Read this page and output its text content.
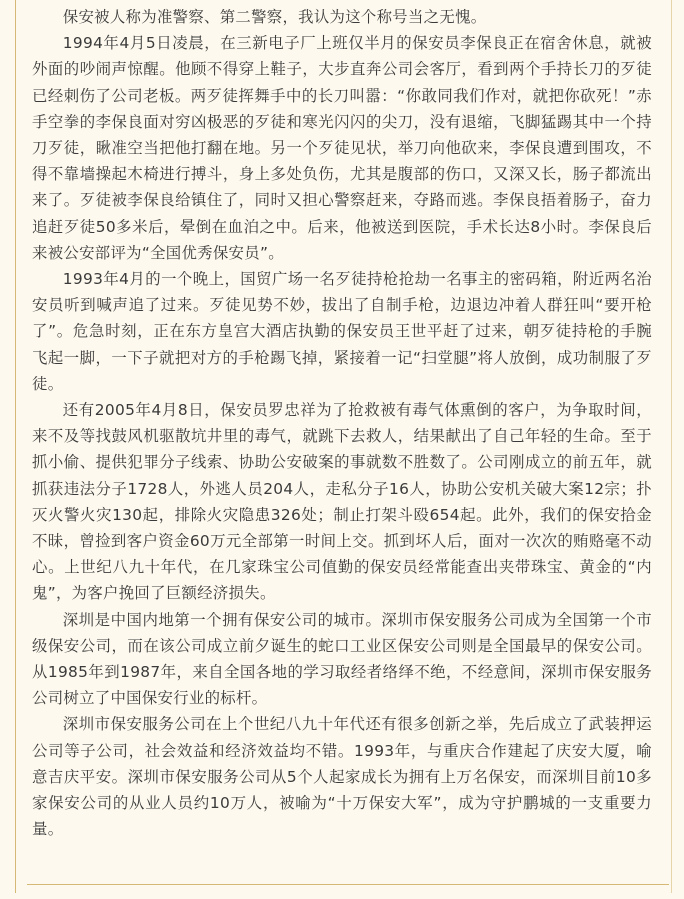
保安被人称为准警察、第二警察，我认为这个称号当之无愧。

1994年4月5日凌晨，在三新电子厂上班仅半月的保安员李保良正在宿舍休息，就被外面的吵闹声惊醒。他顾不得穿上鞋子，大步直奔公司会客厅，看到两个手持长刀的歹徒已经刺伤了公司老板。两歹徒挥舞手中的长刀叫嚣：“你敢同我们作对，就把你砍死！”赤手空拳的李保良面对穷凶极恶的歹徒和寒光闪闪的尖刀，没有退缩，飞脚猛踢其中一个持刀歹徒，瞅准空当把他打翻在地。另一个歹徒见状，举刀向他砍来，李保良遭到围攻，不得不靠墙操起木椅进行搏斗，身上多处负伤，尤其是腹部的伤口，又深又长，肠子都流出来了。歹徒被李保良给镇住了，同时又担心警察赶来，夺路而逃。李保良捂着肠子，奋力追赶歹徒50多米后，晕倒在血泊之中。后来，他被送到医院，手术长达8小时。李保良后来被公安部评为“全国优秀保安员”。

1993年4月的一个晚上，国贸广场一名歹徒持枪抢劫一名事主的密码箱，附近两名治安员听到喊声追了过来。歹徒见势不妙，拔出了自制手枪，边退边冲着人群狂叫“要开枪了”。危急时刻，正在东方皇宫大酒店执勤的保安员王世平赶了过来，朝歹徒持枪的手腕飞起一脚，一下子就把对方的手枪踢飞掉，紧接着一记“扫堂腿”将人放倒，成功制服了歹徒。

还有2005年4月8日，保安员罗忠祥为了抢救被有毒气体熏倒的客户，为争取时间，来不及等找鼓风机驱散坑井里的毒气，就跳下去救人，结果献出了自己年轻的生命。至于抓小偷、提供犯罪分子线索、协助公安破案的事就数不胜数了。公司刚成立的前五年，就抓获违法分子1728人，外逃人员204人，走私分子16人，协助公安机关破大案12宗；扑灭火警火灾130起，排除火灾隐患326处；制止打架斗殴654起。此外，我们的保安拾金不昧，曾捡到客户资金60万元全部第一时间上交。抓到坏人后，面对一次次的贿赂毫不动心。上世纪八九十年代，在几家珠宝公司值勤的保安员经常能查出夹带珠宝、黄金的“内鬼”，为客户挽回了巨额经济损失。

深圳是中国内地第一个拥有保安公司的城市。深圳市保安服务公司成为全国第一个市级保安公司，而在该公司成立前夕诞生的蛇口工业区保安公司则是全国最早的保安公司。从1985年到1987年，来自全国各地的学习取经者络绎不绝，不经意间，深圳市保安服务公司树立了中国保安行业的标杆。

深圳市保安服务公司在上个世纪八九十年代还有很多创新之举，先后成立了武装押运公司等子公司，社会效益和经济效益均不错。1993年，与重庆合作建起了庆安大厦，喻意吉庆平安。深圳市保安服务公司从5个人起家成长为拥有上万名保安，而深圳目前10多家保安公司的从业人员约10万人，被喻为“十万保安大军”，成为守护鹏城的一支重要力量。
